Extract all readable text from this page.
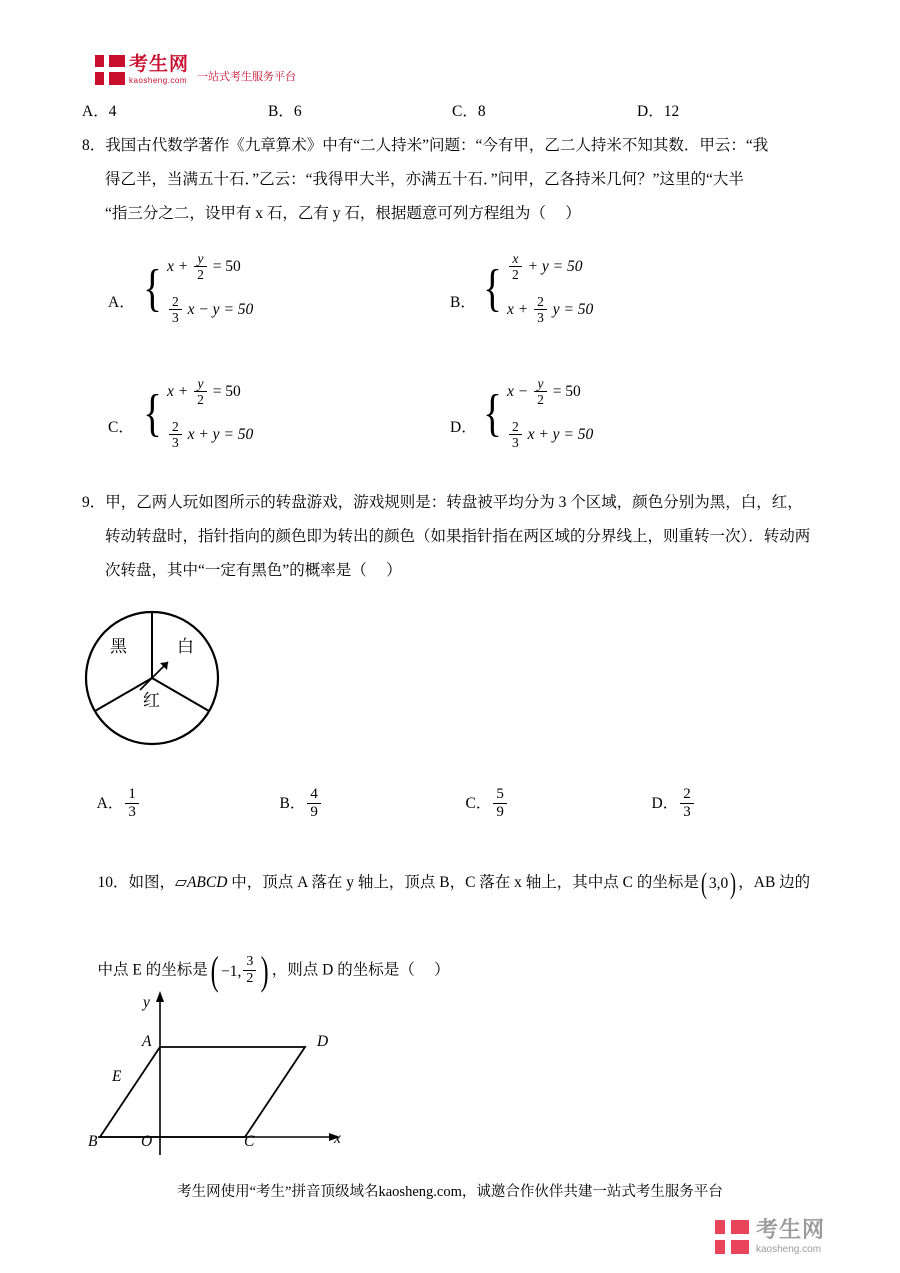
考生网
kaosheng.com 一站式考生服务平台
A．4	B．6	C．8	D．12
8．我国古代数学著作《九章算术》中有“二人持米”问题：“今有甲，乙二人持米不知其数．甲云：“我
得乙半，当满五十石．”乙云：“我得甲大半，亦满五十石．”问甲，乙各持米几何？”这里的“大半
“指三分之二，设甲有 x 石，乙有 y 石，根据题意可列方程组为（     ）
A． { $x + \frac{y}{2} = 50$
$\frac{2}{3}$ x − y = 50	B． { $\frac{x}{2} + y = 50$
$x + \frac{2}{3}$ y = 50
C． { $x + \frac{y}{2} = 50$
$\frac{2}{3}$ x + y = 50	D． { $x - \frac{y}{2} = 50$
$\frac{2}{3}$ x + y = 50
9．甲，乙两人玩如图所示的转盘游戏，游戏规则是：转盘被平均分为 3 个区域，颜色分别为黑，白，红，
转动转盘时，指针指向的颜色即为转出的颜色（如果指针指在两区域的分界线上，则重转一次）．转动两
次转盘，其中“一定有黑色”的概率是（     ）
黑	白
红

A． $\frac{1}{3}$

	B． $\frac{4}{9}$

	C． $\frac{5}{9}$

	D． $\frac{2}{3}$

10．如图，▱ABCD 中，顶点 A 落在 y 轴上，顶点 B，C 落在 x 轴上，其中点 C 的坐标是 ( 3,0 ) ，AB 边的

中点 E 的坐标是 ( −1, $\frac{3}{2}$ ) ，则点 D 的坐标是（     ）

y
x
O
A
B	C
D
E
考生网使用“考生”拼音顶级域名kaosheng.com，诚邀合作伙伴共建一站式考生服务平台
考生网
kaosheng.com
